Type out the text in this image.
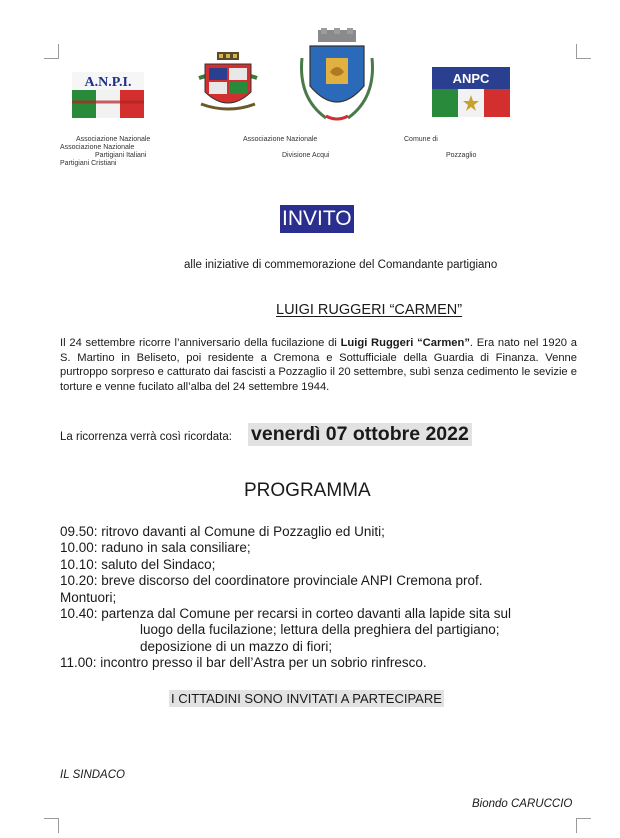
A.N.P.I.	ANPC
Associazione Nazionale
Associazione Nazionale
Partigiani Italiani
Partigiani Cristiani
Associazione Nazionale
Divisione Acqui
Comune di
Pozzaglio
INVITO
alle iniziative di commemorazione del Comandante partigiano
LUIGI RUGGERI “CARMEN”
Il 24 settembre ricorre l’anniversario della fucilazione di Luigi Ruggeri “Carmen”. Era nato nel 1920 a S. Martino in Beliseto, poi residente a Cremona e Sottufficiale della Guardia di Finanza. Venne purtroppo sorpreso e catturato dai fascisti a Pozzaglio il 20 settembre, subì senza cedimento le sevizie e torture e venne fucilato all’alba del 24 settembre 1944.
La ricorrenza verrà così ricordata: venerdì 07 ottobre 2022
PROGRAMMA
09.50: ritrovo davanti al Comune di Pozzaglio ed Uniti;
10.00: raduno in sala consiliare;
10.10: saluto del Sindaco;
10.20: breve discorso del coordinatore provinciale ANPI Cremona prof.
Montuori;
10.40: partenza dal Comune per recarsi in corteo davanti alla lapide sita sul
luogo della fucilazione; lettura della preghiera del partigiano;
deposizione di un mazzo di fiori;
11.00: incontro presso il bar dell’Astra per un sobrio rinfresco.
I CITTADINI SONO INVITATI A PARTECIPARE
IL SINDACO
Biondo CARUCCIO
